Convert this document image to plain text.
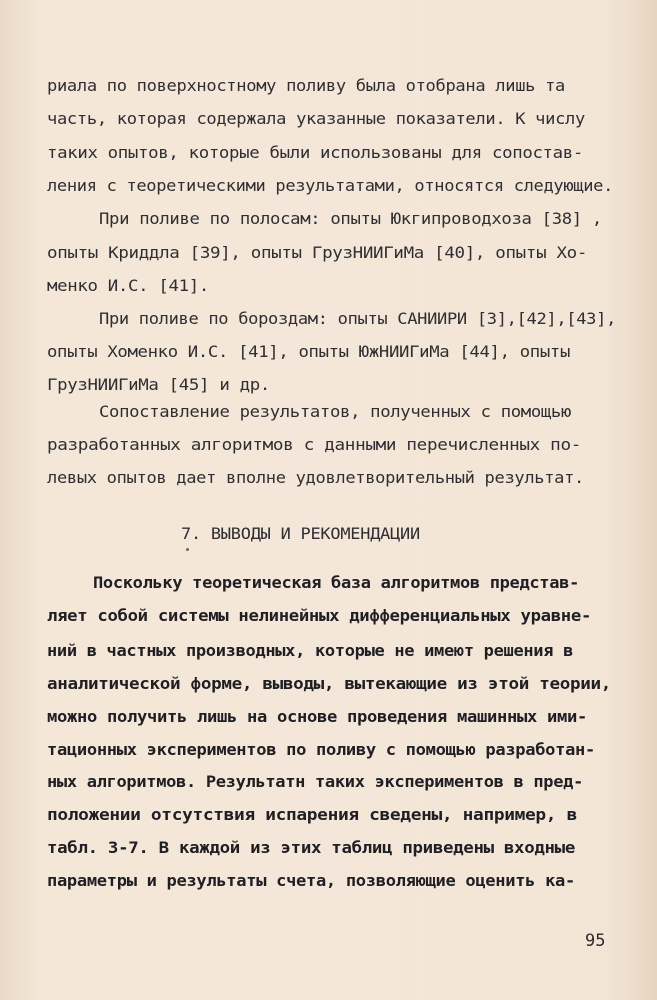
риала по поверхностному поливу была отобрана лишь та
часть, которая содержала указанные показатели. К числу
таких опытов, которые были использованы для сопостав-
ления с теоретическими результатами, относятся следующие.
При поливе по полосам: опыты Юкгипроводхоза [38] ,
опыты Криддла [39], опыты ГрузНИИГиМа [40], опыты Хо-
менко И.С. [41].
При поливе по бороздам: опыты САНИИРИ [3],[42],[43],
опыты Хоменко И.С. [41], опыты ЮжНИИГиМа [44], опыты
ГрузНИИГиМа [45] и др.
Сопоставление результатов, полученных с помощью
разработанных алгоритмов с данными перечисленных по-
левых опытов дает вполне удовлетворительный результат.
7. ВЫВОДЫ И РЕКОМЕНДАЦИИ
Поскольку теоретическая база алгоритмов представ-
ляет собой системы нелинейных дифференциальных уравне-
ний в частных производных, которые не имеют решения в
аналитической форме, выводы, вытекающие из этой теории,
можно получить лишь на основе проведения машинных ими-
тационных экспериментов по поливу с помощью разработан-
ных алгоритмов. Результатн таких экспериментов в пред-
положении отсутствия испарения сведены, например, в
табл. 3-7. В каждой из этих таблиц приведены входные
параметры и результаты счета, позволяющие оценить ка-
95
